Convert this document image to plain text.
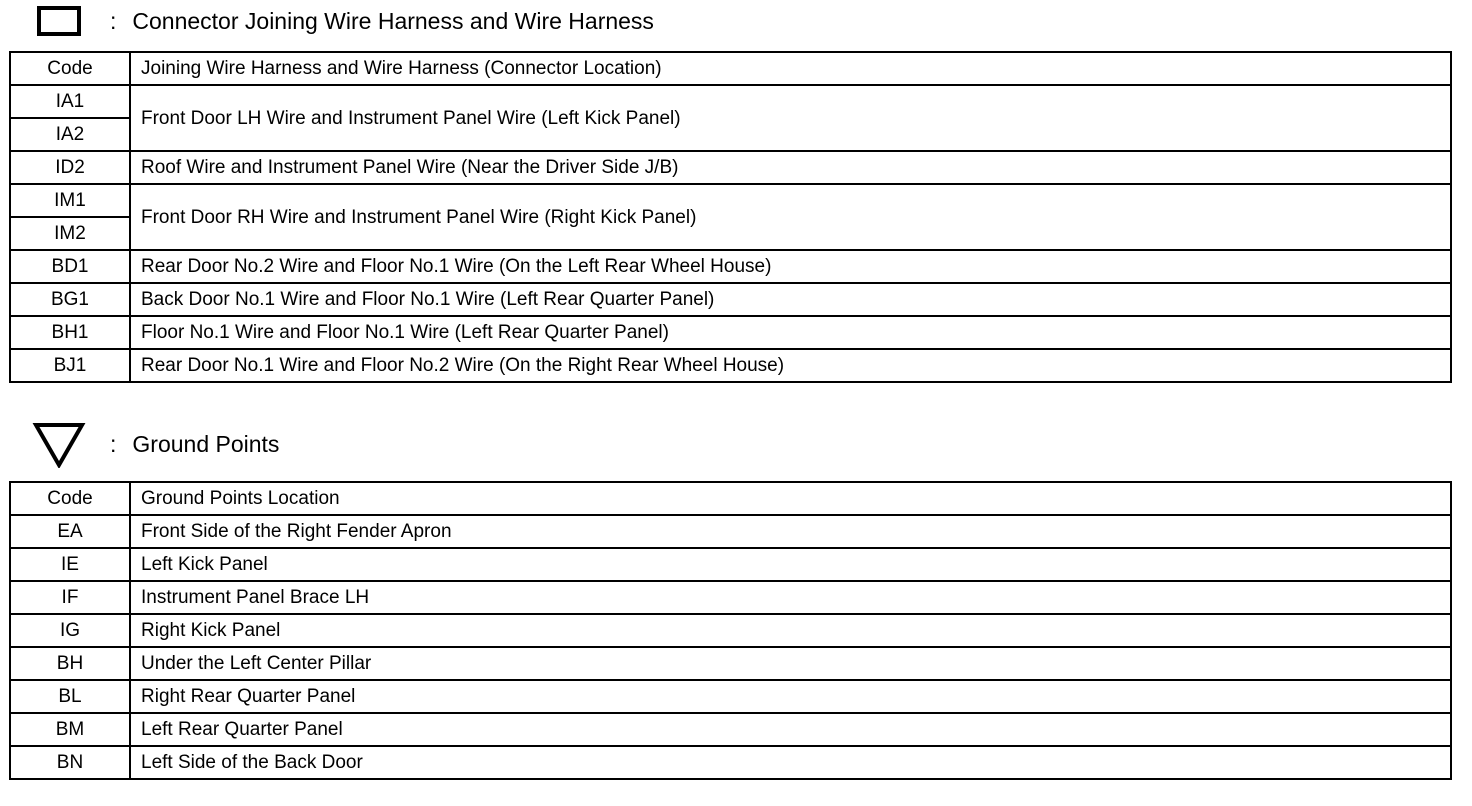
: Connector Joining Wire Harness and Wire Harness
Code	Joining Wire Harness and Wire Harness (Connector Location)
IA1	Front Door LH Wire and Instrument Panel Wire (Left Kick Panel)
IA2	
ID2	Roof Wire and Instrument Panel Wire (Near the Driver Side J/B)
IM1	Front Door RH Wire and Instrument Panel Wire (Right Kick Panel)
IM2	
BD1	Rear Door No.2 Wire and Floor No.1 Wire (On the Left Rear Wheel House)
BG1	Back Door No.1 Wire and Floor No.1 Wire (Left Rear Quarter Panel)
BH1	Floor No.1 Wire and Floor No.1 Wire (Left Rear Quarter Panel)
BJ1	Rear Door No.1 Wire and Floor No.2 Wire (On the Right Rear Wheel House)
: Ground Points
Code	Ground Points Location
EA	Front Side of the Right Fender Apron
IE	Left Kick Panel
IF	Instrument Panel Brace LH
IG	Right Kick Panel
BH	Under the Left Center Pillar
BL	Right Rear Quarter Panel
BM	Left Rear Quarter Panel
BN	Left Side of the Back Door
